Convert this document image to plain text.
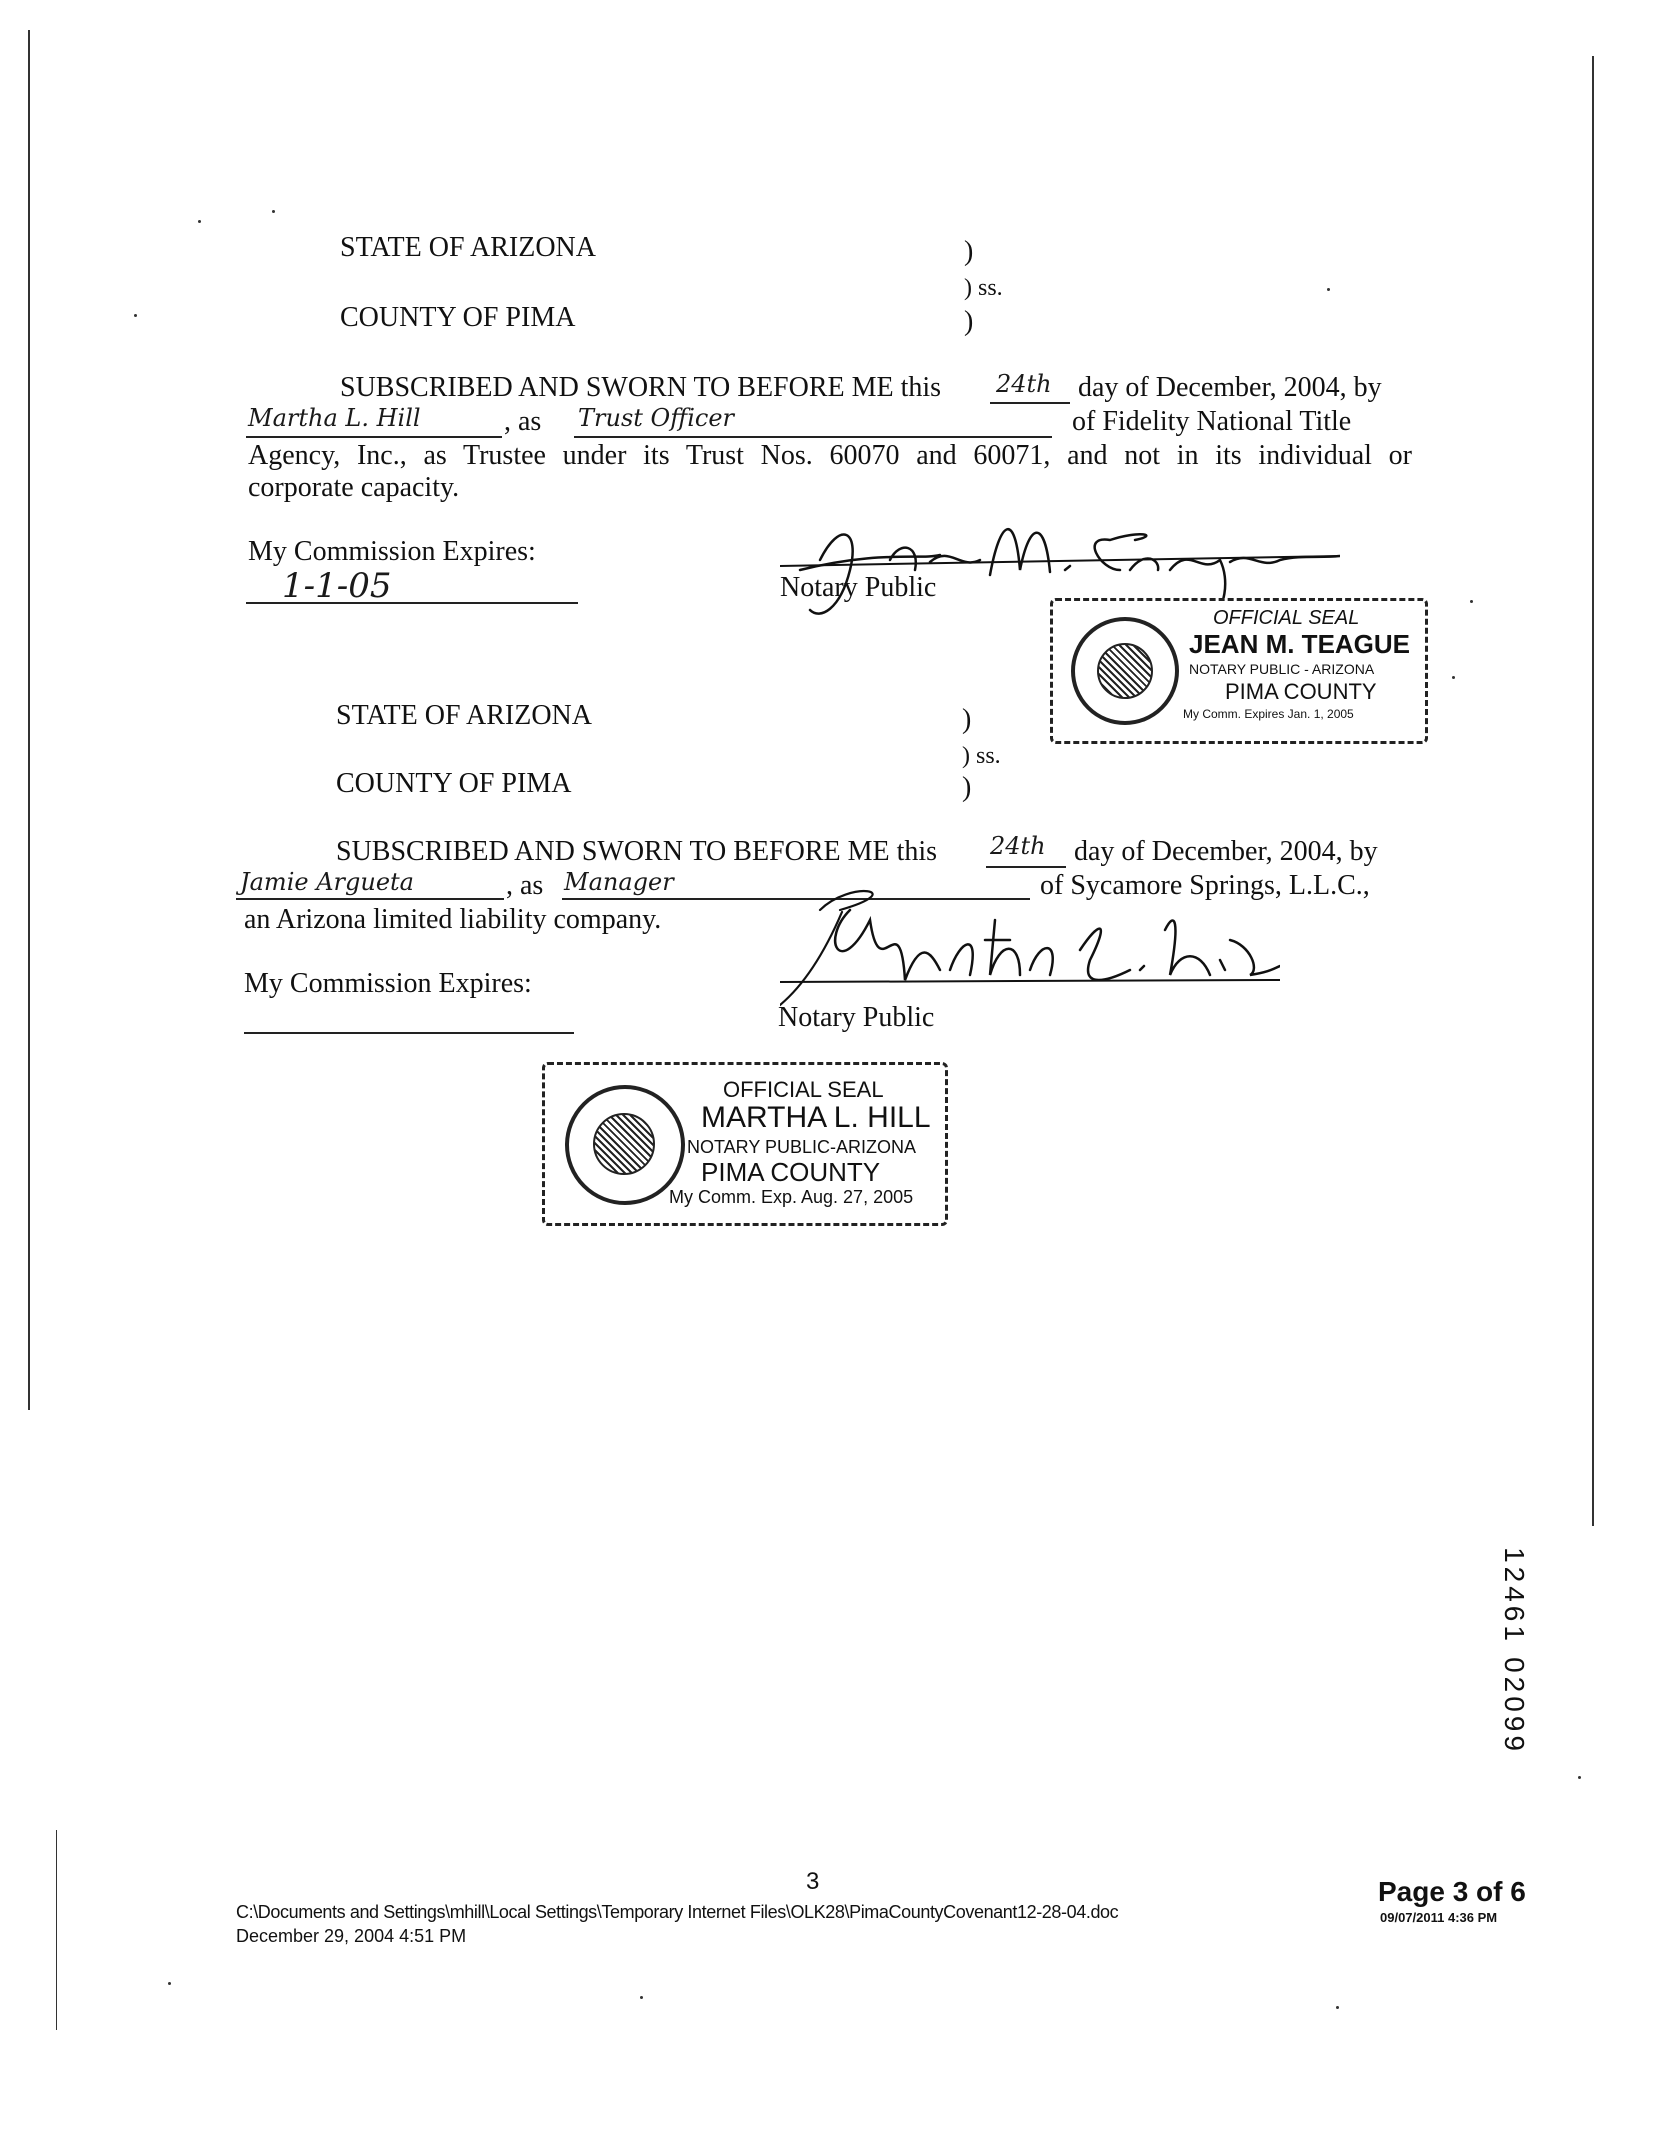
STATE OF ARIZONA
COUNTY OF PIMA
)
) ss.
)
SUBSCRIBED AND SWORN TO BEFORE ME this 24th day of December, 2004, by
Martha L. Hill	, as Trust Officer	of Fidelity National Title
Agency, Inc., as Trustee under its Trust Nos. 60070 and 60071, and not in its individual or
corporate capacity.
My Commission Expires:
1-1-05	Notary Public
OFFICIAL SEAL
JEAN M. TEAGUE
NOTARY PUBLIC - ARIZONA
PIMA COUNTY
My Comm. Expires Jan. 1, 2005
STATE OF ARIZONA
COUNTY OF PIMA
)
) ss.
)
SUBSCRIBED AND SWORN TO BEFORE ME this 24th day of December, 2004, by
Jamie Argueta	, as Manager	of Sycamore Springs, L.L.C.,
an Arizona limited liability company.
My Commission Expires:
Notary Public
OFFICIAL SEAL
MARTHA L. HILL
NOTARY PUBLIC-ARIZONA
PIMA COUNTY
My Comm. Exp. Aug. 27, 2005
12461
02099
3
C:\Documents and Settings\mhill\Local Settings\Temporary Internet Files\OLK28\PimaCountyCovenant12-28-04.doc
December 29, 2004 4:51 PM
Page 3 of 6
09/07/2011 4:36 PM
